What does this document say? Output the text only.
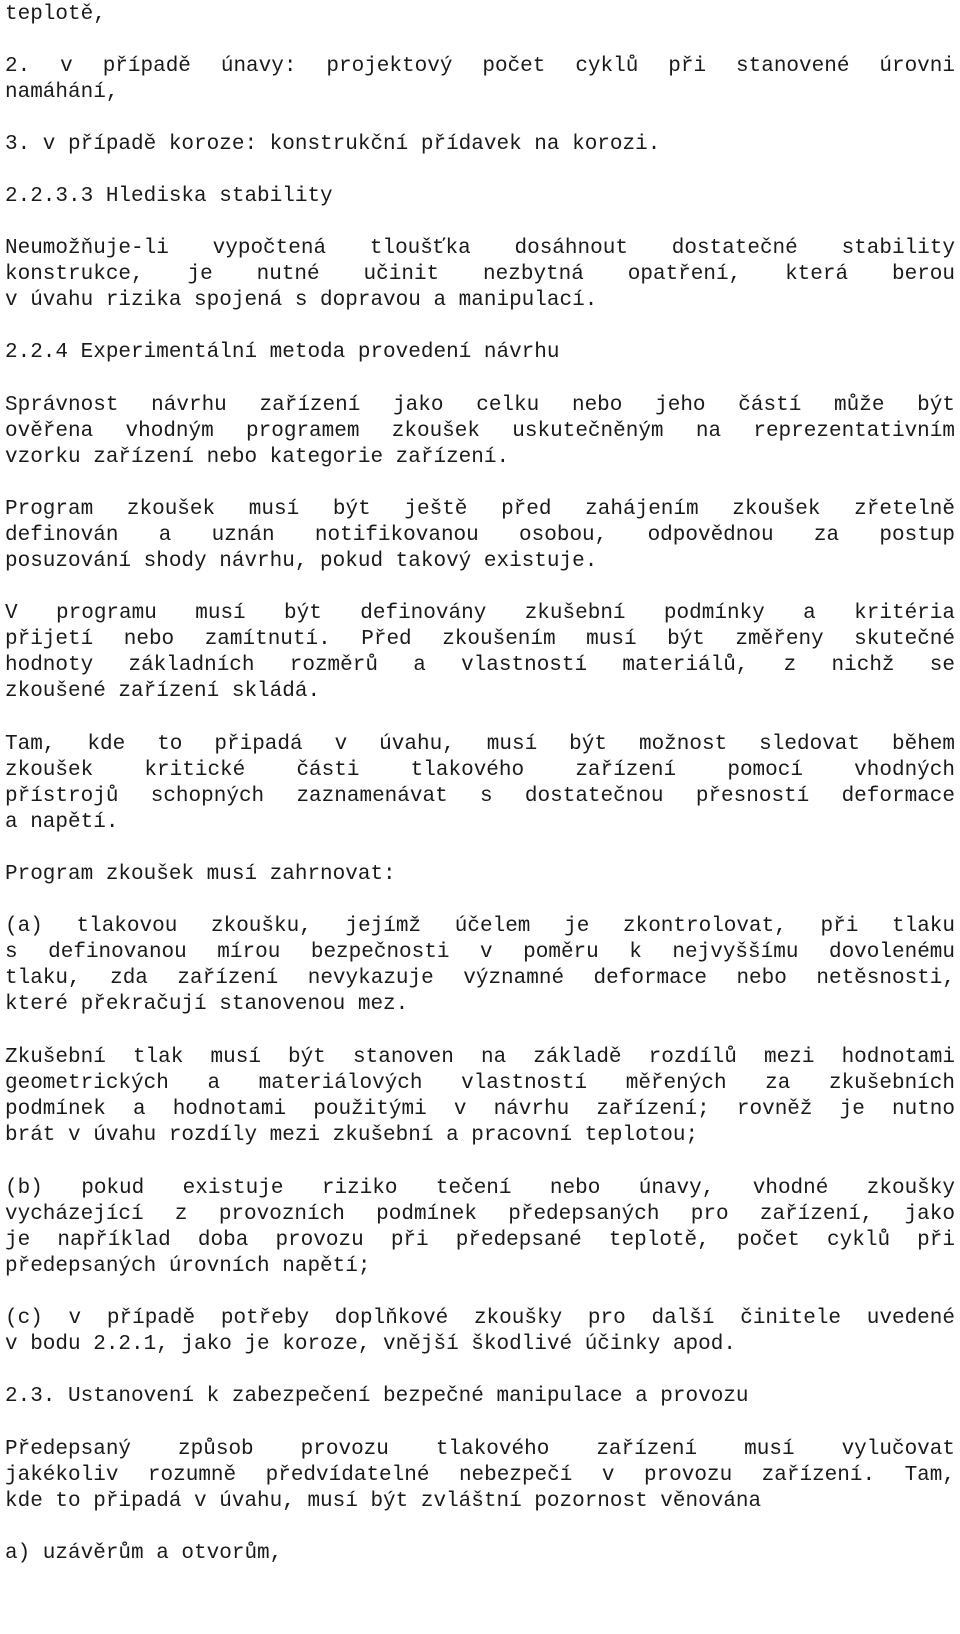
teplotě,

2. v případě únavy: projektový počet cyklů při stanovené úrovni

namáhání,

3. v případě koroze: konstrukční přídavek na korozi.

2.2.3.3 Hlediska stability

Neumožňuje-li vypočtená tloušťka dosáhnout dostatečné stability

konstrukce, je nutné učinit nezbytná opatření, která berou

v úvahu rizika spojená s dopravou a manipulací.

2.2.4 Experimentální metoda provedení návrhu

Správnost návrhu zařízení jako celku nebo jeho částí může být

ověřena vhodným programem zkoušek uskutečněným na reprezentativním

vzorku zařízení nebo kategorie zařízení.

Program zkoušek musí být ještě před zahájením zkoušek zřetelně

definován a uznán notifikovanou osobou, odpovědnou za postup

posuzování shody návrhu, pokud takový existuje.

V programu musí být definovány zkušební podmínky a kritéria

přijetí nebo zamítnutí. Před zkoušením musí být změřeny skutečné

hodnoty základních rozměrů a vlastností materiálů, z nichž se

zkoušené zařízení skládá.

Tam, kde to připadá v úvahu, musí být možnost sledovat během

zkoušek kritické části tlakového zařízení pomocí vhodných

přístrojů schopných zaznamenávat s dostatečnou přesností deformace

a napětí.

Program zkoušek musí zahrnovat:

(a) tlakovou zkoušku, jejímž účelem je zkontrolovat, při tlaku

s definovanou mírou bezpečnosti v poměru k nejvyššímu dovolenému

tlaku, zda zařízení nevykazuje významné deformace nebo netěsnosti,

které překračují stanovenou mez.

Zkušební tlak musí být stanoven na základě rozdílů mezi hodnotami

geometrických a materiálových vlastností měřených za zkušebních

podmínek a hodnotami použitými v návrhu zařízení; rovněž je nutno

brát v úvahu rozdíly mezi zkušební a pracovní teplotou;

(b) pokud existuje riziko tečení nebo únavy, vhodné zkoušky

vycházející z provozních podmínek předepsaných pro zařízení, jako

je například doba provozu při předepsané teplotě, počet cyklů při

předepsaných úrovních napětí;

(c) v případě potřeby doplňkové zkoušky pro další činitele uvedené

v bodu 2.2.1, jako je koroze, vnější škodlivé účinky apod.

2.3. Ustanovení k zabezpečení bezpečné manipulace a provozu

Předepsaný způsob provozu tlakového zařízení musí vylučovat

jakékoliv rozumně předvídatelné nebezpečí v provozu zařízení. Tam,

kde to připadá v úvahu, musí být zvláštní pozornost věnována

a) uzávěrům a otvorům,
